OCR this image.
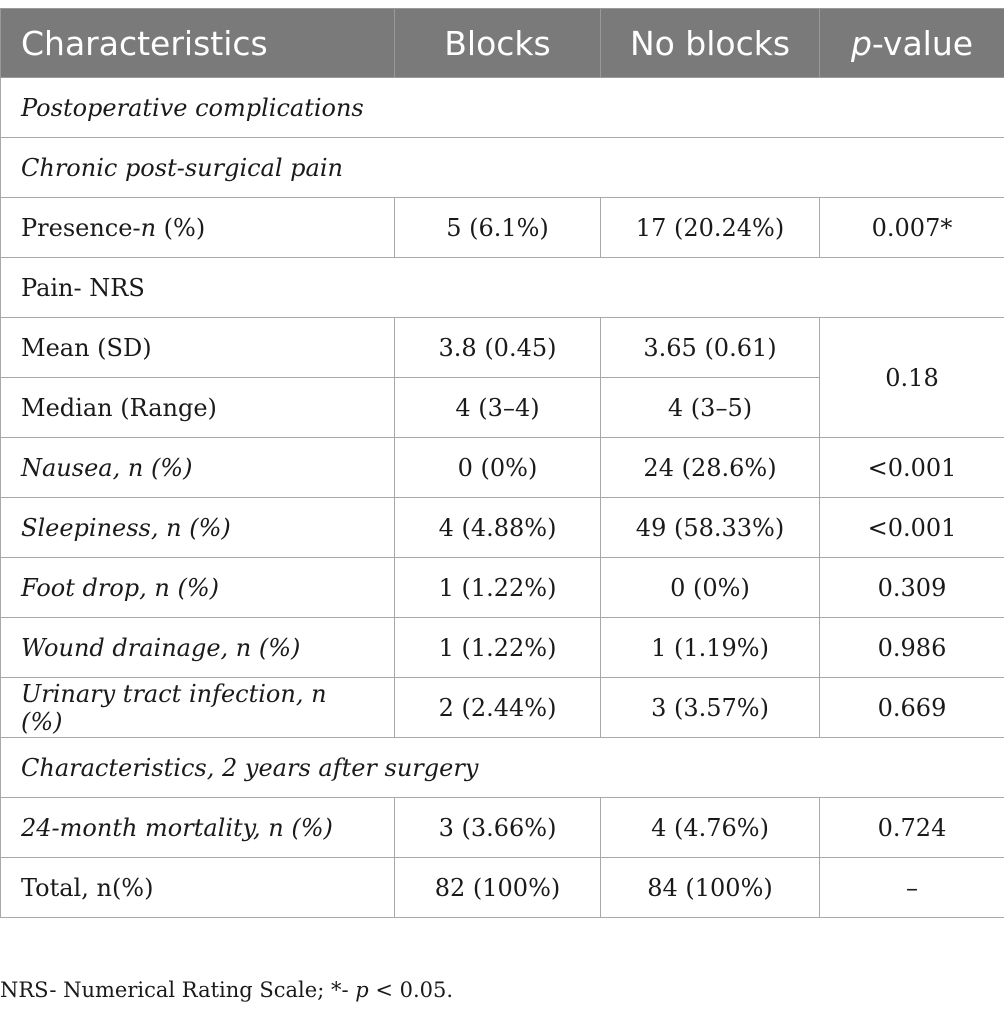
Characteristics	Blocks	No blocks	p-value
Postoperative complications			
Chronic post-surgical pain			
Presence-n (%)	5 (6.1%)	17 (20.24%)	0.007*
Pain- NRS			
Mean (SD)	3.8 (0.45)	3.65 (0.61)	0.18
Median (Range)	4 (3–4)	4 (3–5)	
Nausea, n (%)	0 (0%)	24 (28.6%)	<0.001
Sleepiness, n (%)	4 (4.88%)	49 (58.33%)	<0.001
Foot drop, n (%)	1 (1.22%)	0 (0%)	0.309
Wound drainage, n (%)	1 (1.22%)	1 (1.19%)	0.986
Urinary tract infection, n (%)	2 (2.44%)	3 (3.57%)	0.669
Characteristics, 2 years after surgery			
24-month mortality, n (%)	3 (3.66%)	4 (4.76%)	0.724
Total, n(%)	82 (100%)	84 (100%)	–
NRS- Numerical Rating Scale; *- p < 0.05.
